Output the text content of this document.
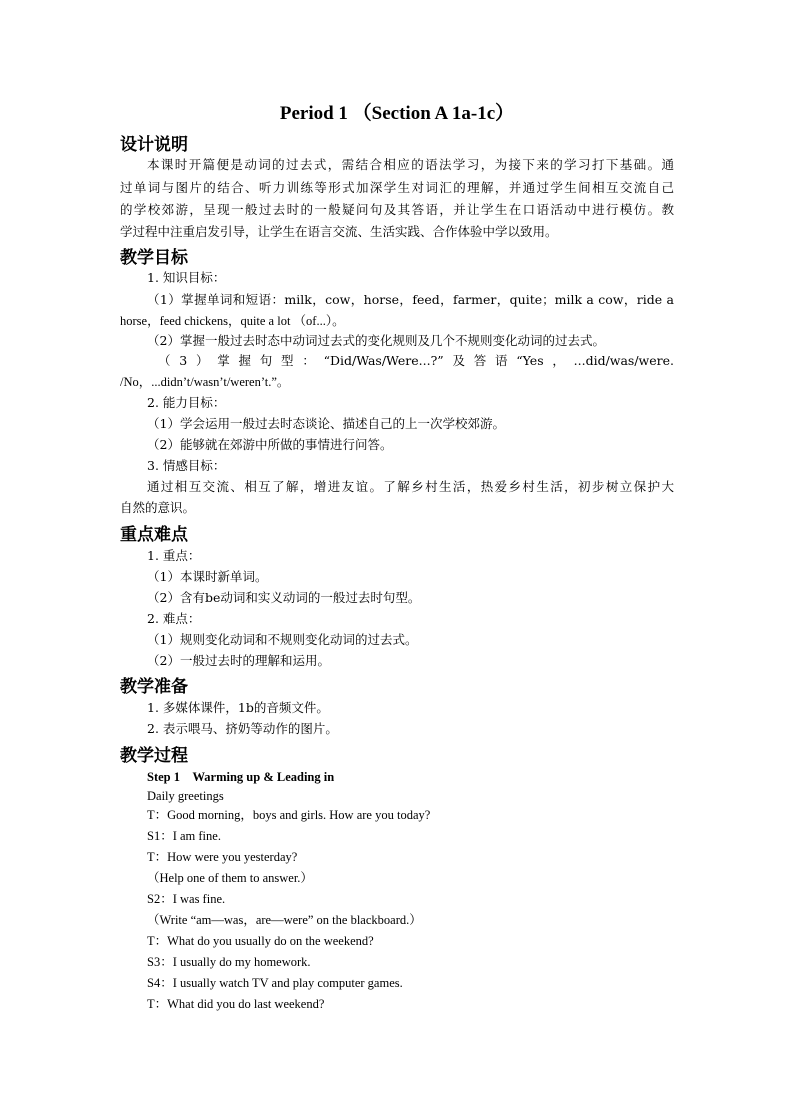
Period 1 （Section A 1a-1c）
设计说明
本课时开篇便是动词的过去式，需结合相应的语法学习，为接下来的学习打下基础。通
过单词与图片的结合、听力训练等形式加深学生对词汇的理解，并通过学生间相互交流自己
的学校郊游，呈现一般过去时的一般疑问句及其答语，并让学生在口语活动中进行模仿。教
学过程中注重启发引导，让学生在语言交流、生活实践、合作体验中学以致用。
教学目标
1. 知识目标：
（1）掌握单词和短语：milk，cow，horse，feed，farmer，quite；milk a cow，ride a
horse，feed chickens，quite a lot （of...）。
（2）掌握一般过去时态中动词过去式的变化规则及几个不规则变化动词的过去式。
（3）掌握句型：“Did/Was/Were...?”及答语“Yes，...did/was/were.
/No，...didn’t/wasn’t/weren’t.”。
2. 能力目标：
（1）学会运用一般过去时态谈论、描述自己的上一次学校郊游。
（2）能够就在郊游中所做的事情进行问答。
3. 情感目标：
通过相互交流、相互了解，增进友谊。了解乡村生活，热爱乡村生活，初步树立保护大
自然的意识。
重点难点
1. 重点：
（1）本课时新单词。
（2）含有be动词和实义动词的一般过去时句型。
2. 难点：
（1）规则变化动词和不规则变化动词的过去式。
（2）一般过去时的理解和运用。
教学准备
1. 多媒体课件，1b的音频文件。
2. 表示喂马、挤奶等动作的图片。
教学过程
Step 1　Warming up & Leading in
Daily greetings
T：Good morning，boys and girls. How are you today?
S1：I am fine.
T：How were you yesterday?
（Help one of them to answer.）
S2：I was fine.
（Write “am—was，are—were” on the blackboard.）
T：What do you usually do on the weekend?
S3：I usually do my homework.
S4：I usually watch TV and play computer games.
T：What did you do last weekend?
